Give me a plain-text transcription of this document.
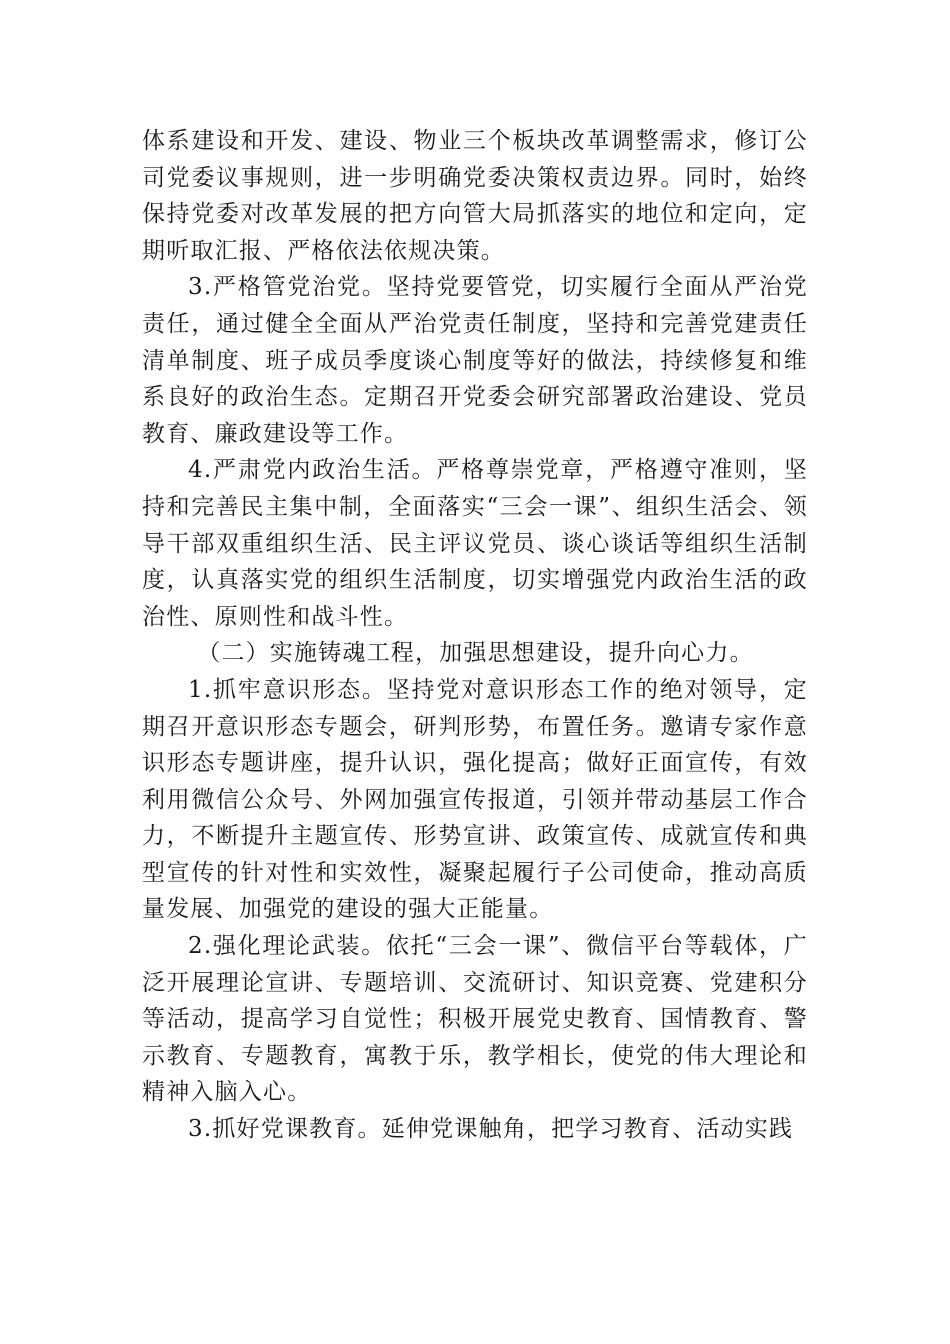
体系建设和开发、建设、物业三个板块改革调整需求，修订公司党委议事规则，进一步明确党委决策权责边界。同时，始终保持党委对改革发展的把方向管大局抓落实的地位和定向，定期听取汇报、严格依法依规决策。

3.严格管党治党。坚持党要管党，切实履行全面从严治党责任，通过健全全面从严治党责任制度，坚持和完善党建责任清单制度、班子成员季度谈心制度等好的做法，持续修复和维系良好的政治生态。定期召开党委会研究部署政治建设、党员教育、廉政建设等工作。

4.严肃党内政治生活。严格尊崇党章，严格遵守准则，坚持和完善民主集中制，全面落实“三会一课”、组织生活会、领导干部双重组织生活、民主评议党员、谈心谈话等组织生活制度，认真落实党的组织生活制度，切实增强党内政治生活的政治性、原则性和战斗性。

（二）实施铸魂工程，加强思想建设，提升向心力。

1.抓牢意识形态。坚持党对意识形态工作的绝对领导，定期召开意识形态专题会，研判形势，布置任务。邀请专家作意识形态专题讲座，提升认识，强化提高；做好正面宣传，有效利用微信公众号、外网加强宣传报道，引领并带动基层工作合力，不断提升主题宣传、形势宣讲、政策宣传、成就宣传和典型宣传的针对性和实效性，凝聚起履行子公司使命，推动高质量发展、加强党的建设的强大正能量。

2.强化理论武装。依托“三会一课”、微信平台等载体，广泛开展理论宣讲、专题培训、交流研讨、知识竞赛、党建积分等活动，提高学习自觉性；积极开展党史教育、国情教育、警示教育、专题教育，寓教于乐，教学相长，使党的伟大理论和精神入脑入心。

3.抓好党课教育。延伸党课触角，把学习教育、活动实践
